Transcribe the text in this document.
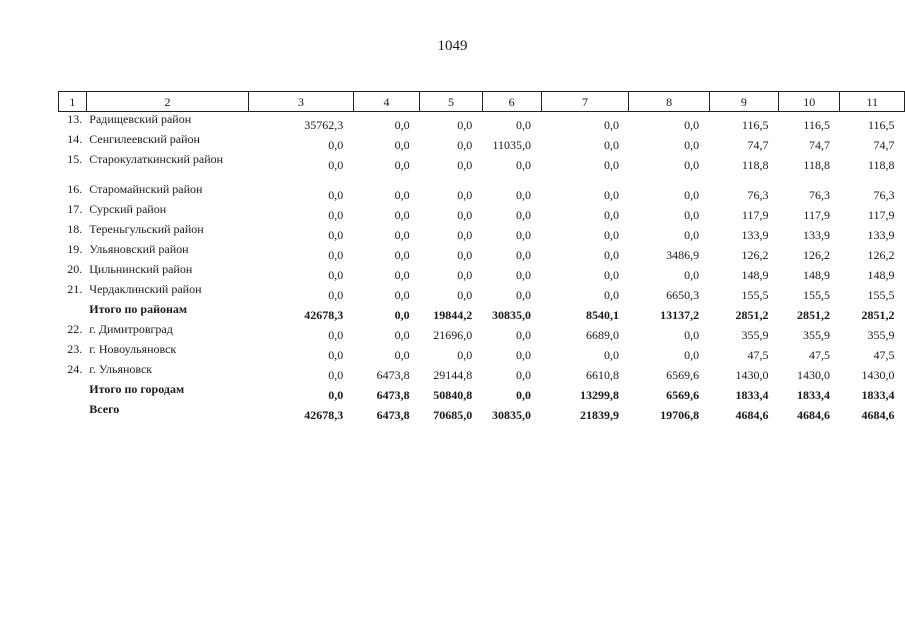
1049
1	2	3	4	5	6	7	8	9	10	11
13.	Радищевский район	35762,3	0,0	0,0	0,0	0,0	0,0	116,5	116,5	116,5
14.	Сенгилеевский район	0,0	0,0	0,0	11035,0	0,0	0,0	74,7	74,7	74,7
15.	Старокулаткинский район	0,0	0,0	0,0	0,0	0,0	0,0	118,8	118,8	118,8
16.	Старомайнский район	0,0	0,0	0,0	0,0	0,0	0,0	76,3	76,3	76,3
17.	Сурский район	0,0	0,0	0,0	0,0	0,0	0,0	117,9	117,9	117,9
18.	Тереньгульский район	0,0	0,0	0,0	0,0	0,0	0,0	133,9	133,9	133,9
19.	Ульяновский район	0,0	0,0	0,0	0,0	0,0	3486,9	126,2	126,2	126,2
20.	Цильнинский район	0,0	0,0	0,0	0,0	0,0	0,0	148,9	148,9	148,9
21.	Чердаклинский район	0,0	0,0	0,0	0,0	0,0	6650,3	155,5	155,5	155,5
	Итого по районам	42678,3	0,0	19844,2	30835,0	8540,1	13137,2	2851,2	2851,2	2851,2
22.	г. Димитровград	0,0	0,0	21696,0	0,0	6689,0	0,0	355,9	355,9	355,9
23.	г. Новоульяновск	0,0	0,0	0,0	0,0	0,0	0,0	47,5	47,5	47,5
24.	г. Ульяновск	0,0	6473,8	29144,8	0,0	6610,8	6569,6	1430,0	1430,0	1430,0
	Итого по городам	0,0	6473,8	50840,8	0,0	13299,8	6569,6	1833,4	1833,4	1833,4
	Всего	42678,3	6473,8	70685,0	30835,0	21839,9	19706,8	4684,6	4684,6	4684,6
